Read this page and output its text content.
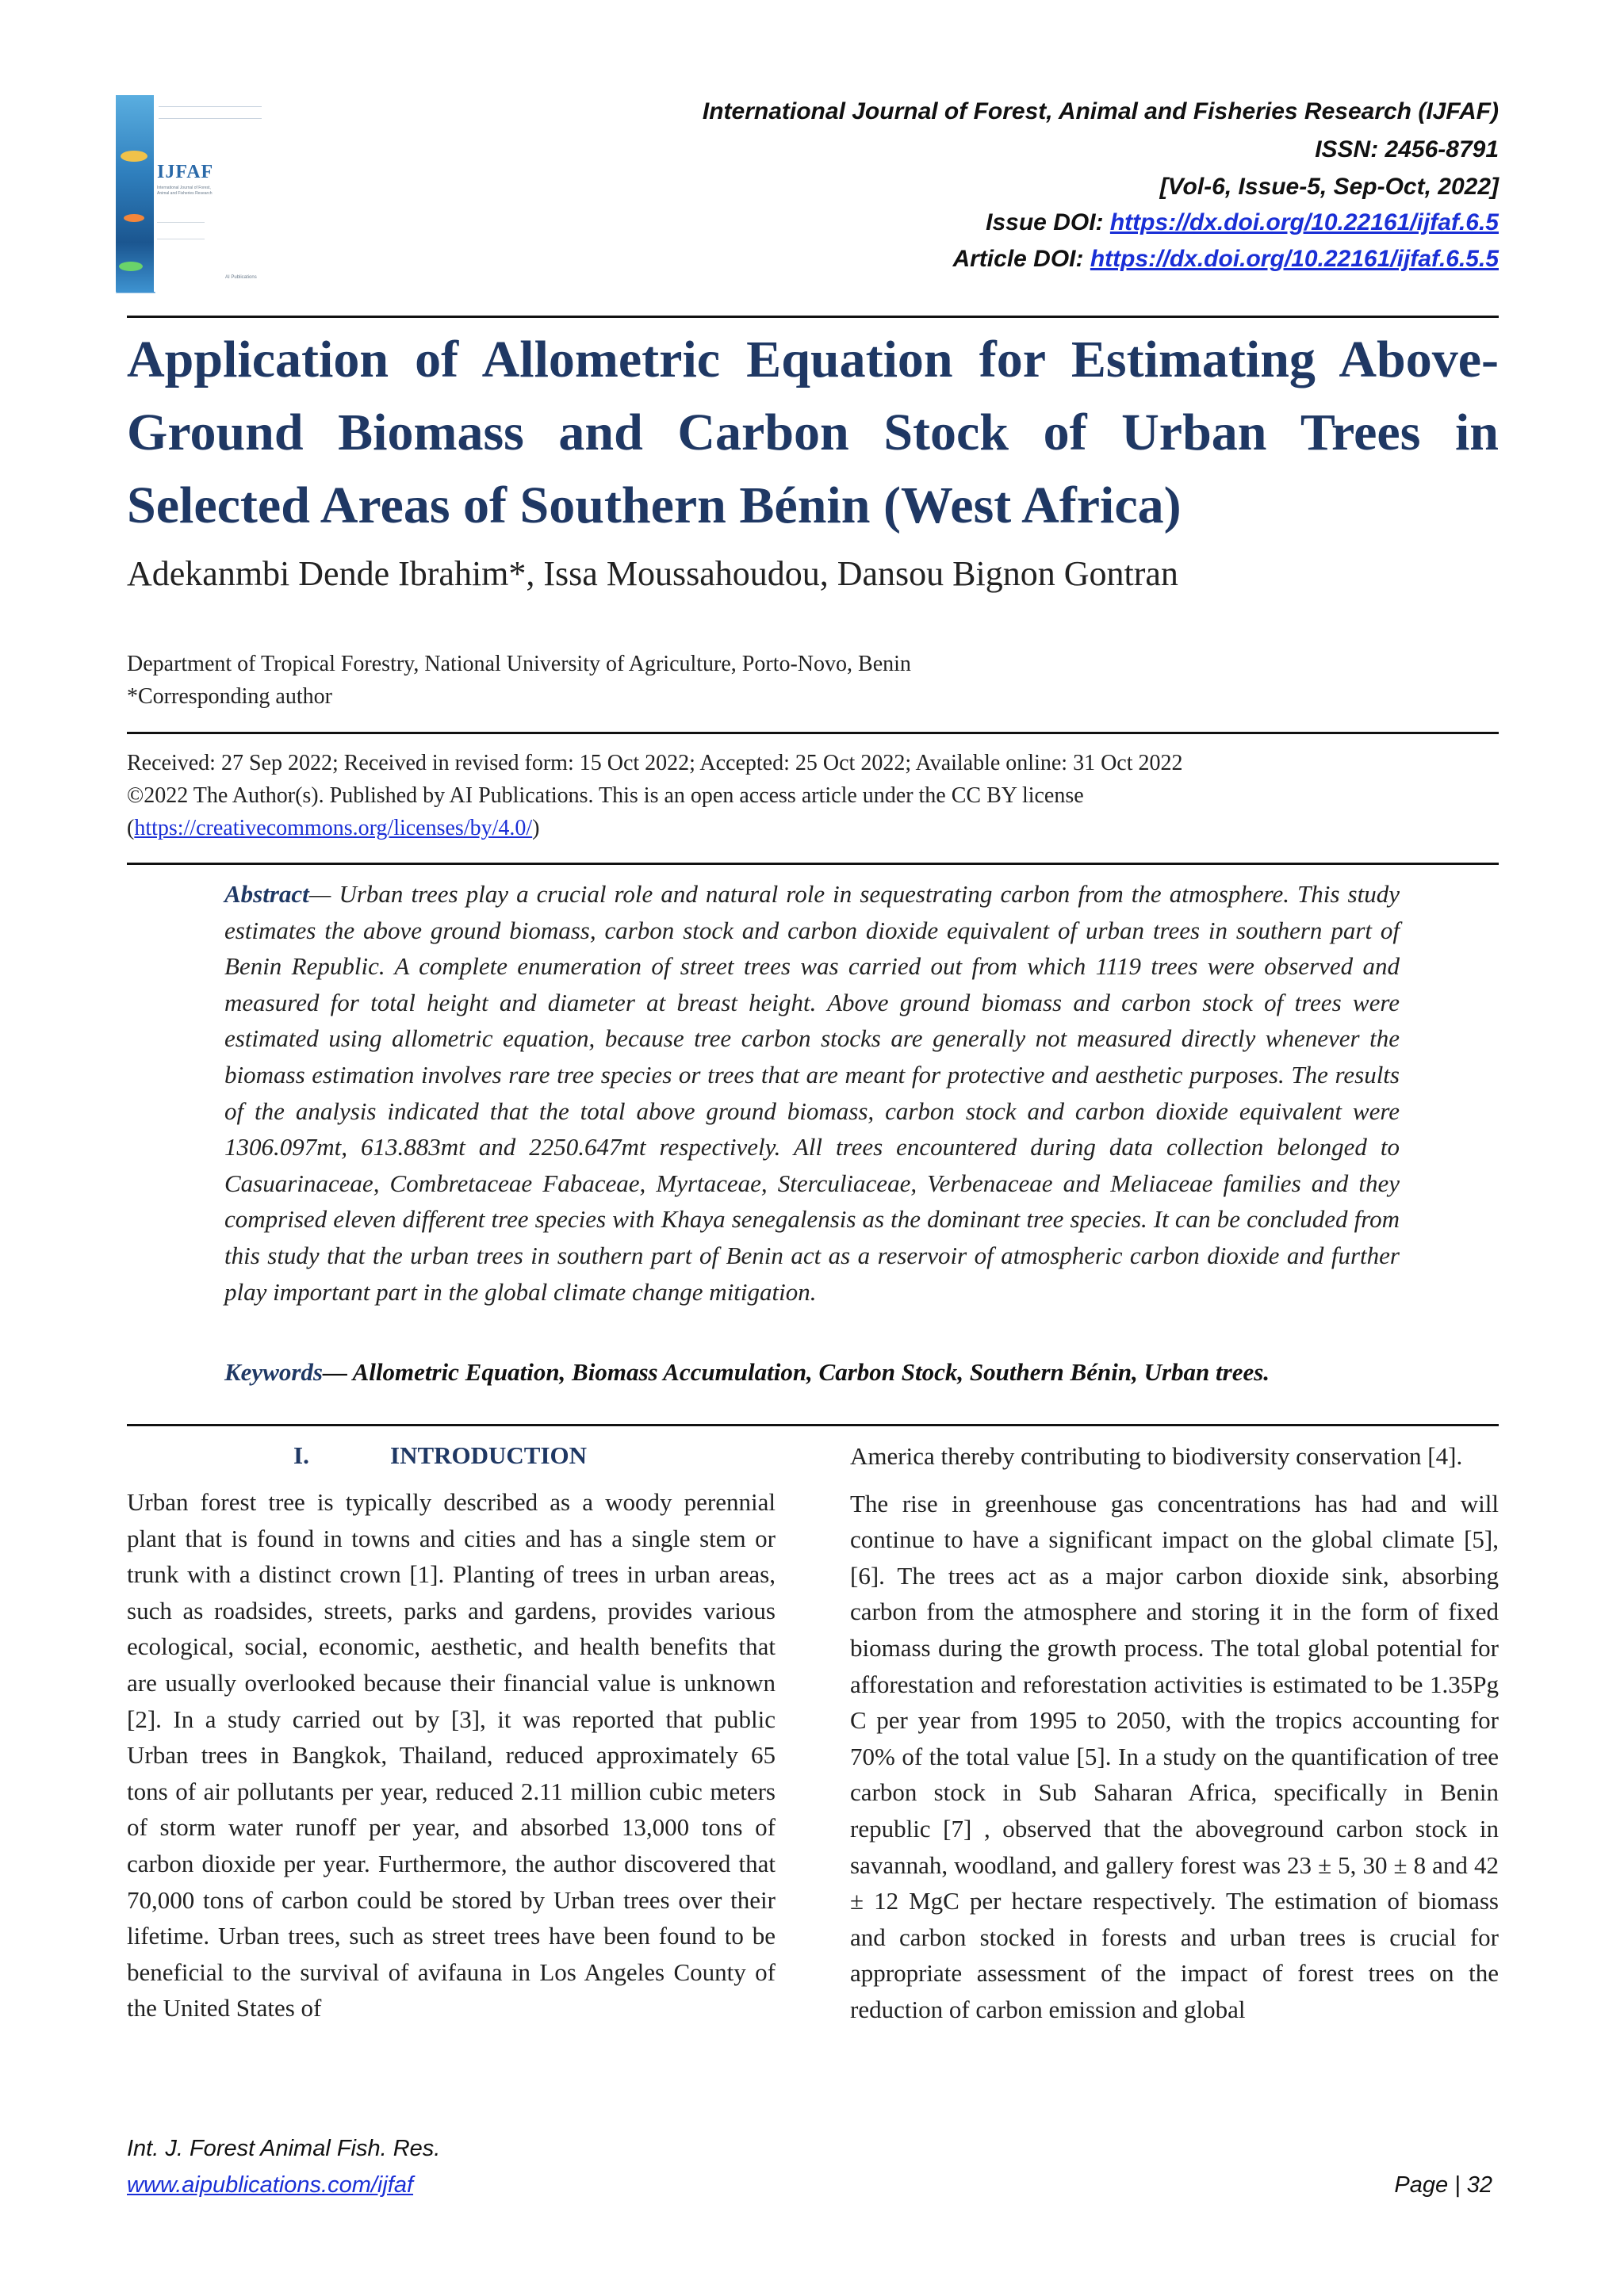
IJFAF
International Journal of Forest, Animal and Fisheries Research
AI Publications
International Journal of Forest, Animal and Fisheries Research (IJFAF)
ISSN: 2456-8791
[Vol-6, Issue-5, Sep-Oct, 2022]
Issue DOI: https://dx.doi.org/10.22161/ijfaf.6.5
Article DOI: https://dx.doi.org/10.22161/ijfaf.6.5.5
Application of Allometric Equation for Estimating Above-Ground Biomass and Carbon Stock of Urban Trees in Selected Areas of Southern Bénin (West Africa)
Adekanmbi Dende Ibrahim*, Issa Moussahoudou, Dansou Bignon Gontran
Department of Tropical Forestry, National University of Agriculture, Porto-Novo, Benin
*Corresponding author
Received: 27 Sep 2022; Received in revised form: 15 Oct 2022; Accepted: 25 Oct 2022; Available online: 31 Oct 2022
©2022 The Author(s). Published by AI Publications. This is an open access article under the CC BY license
(https://creativecommons.org/licenses/by/4.0/)
Abstract— Urban trees play a crucial role and natural role in sequestrating carbon from the atmosphere. This study estimates the above ground biomass, carbon stock and carbon dioxide equivalent of urban trees in southern part of Benin Republic. A complete enumeration of street trees was carried out from which 1119 trees were observed and measured for total height and diameter at breast height. Above ground biomass and carbon stock of trees were estimated using allometric equation, because tree carbon stocks are generally not measured directly whenever the biomass estimation involves rare tree species or trees that are meant for protective and aesthetic purposes. The results of the analysis indicated that the total above ground biomass, carbon stock and carbon dioxide equivalent were 1306.097mt, 613.883mt and 2250.647mt respectively. All trees encountered during data collection belonged to Casuarinaceae, Combretaceae Fabaceae, Myrtaceae, Sterculiaceae, Verbenaceae and Meliaceae families and they comprised eleven different tree species with Khaya senegalensis as the dominant tree species. It can be concluded from this study that the urban trees in southern part of Benin act as a reservoir of atmospheric carbon dioxide and further play important part in the global climate change mitigation.
Keywords— Allometric Equation, Biomass Accumulation, Carbon Stock, Southern Bénin, Urban trees.
I.	INTRODUCTION

Urban forest tree is typically described as a woody perennial plant that is found in towns and cities and has a single stem or trunk with a distinct crown [1]. Planting of trees in urban areas, such as roadsides, streets, parks and gardens, provides various ecological, social, economic, aesthetic, and health benefits that are usually overlooked because their financial value is unknown [2]. In a study carried out by [3], it was reported that public Urban trees in Bangkok, Thailand, reduced approximately 65 tons of air pollutants per year, reduced 2.11 million cubic meters of storm water runoff per year, and absorbed 13,000 tons of carbon dioxide per year. Furthermore, the author discovered that 70,000 tons of carbon could be stored by Urban trees over their lifetime. Urban trees, such as street trees have been found to be beneficial to the survival of avifauna in Los Angeles County of the United States of

America thereby contributing to biodiversity conservation [4].

The rise in greenhouse gas concentrations has had and will continue to have a significant impact on the global climate [5], [6]. The trees act as a major carbon dioxide sink, absorbing carbon from the atmosphere and storing it in the form of fixed biomass during the growth process. The total global potential for afforestation and reforestation activities is estimated to be 1.35Pg C per year from 1995 to 2050, with the tropics accounting for 70% of the total value [5]. In a study on the quantification of tree carbon stock in Sub Saharan Africa, specifically in Benin republic [7] , observed that the aboveground carbon stock in savannah, woodland, and gallery forest was 23 ± 5, 30 ± 8 and 42 ± 12 MgC per hectare respectively. The estimation of biomass and carbon stocked in forests and urban trees is crucial for appropriate assessment of the impact of forest trees on the reduction of carbon emission and global

Int. J. Forest Animal Fish. Res.
www.aipublications.com/ijfaf	Page | 32
